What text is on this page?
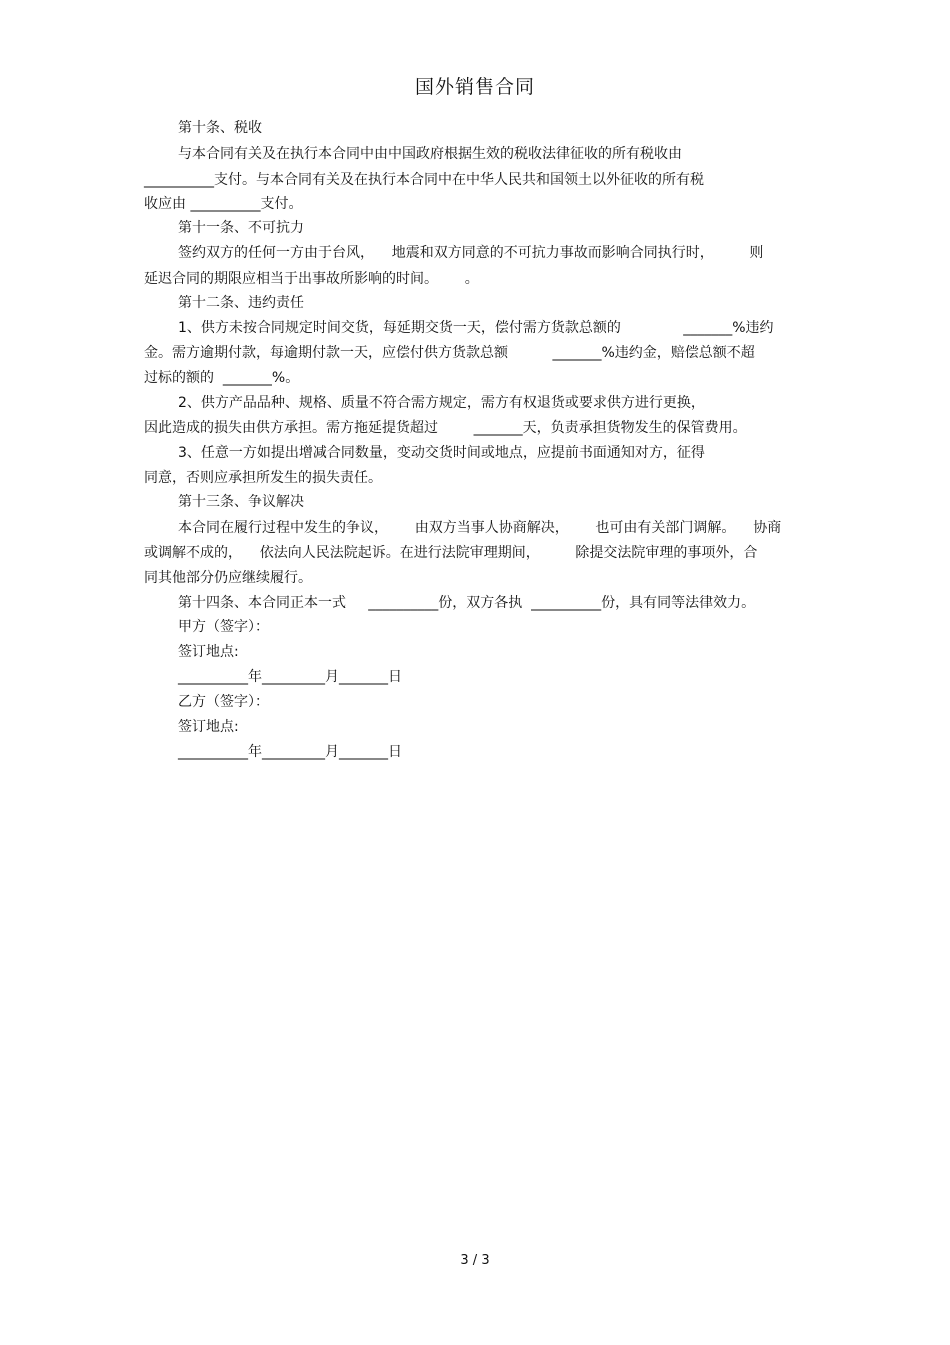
国外销售合同
第十条、税收
与本合同有关及在执行本合同中由中国政府根据生效的税收法律征收的所有税收由
__________支付。与本合同有关及在执行本合同中在中华人民共和国领土以外征收的所有税
收应由 __________支付。
第十一条、不可抗力
签约双方的任何一方由于台风，    地震和双方同意的不可抗力事故而影响合同执行时，        则
延迟合同的期限应相当于出事故所影响的时间。      。
第十二条、违约责任
1、供方未按合同规定时间交货，每延期交货一天，偿付需方货款总额的              _______%违约
金。需方逾期付款，每逾期付款一天，应偿付供方货款总额          _______%违约金，赔偿总额不超
过标的额的  _______%。
2、供方产品品种、规格、质量不符合需方规定，需方有权退货或要求供方进行更换，
因此造成的损失由供方承担。需方拖延提货超过        _______天，负责承担货物发生的保管费用。
3、任意一方如提出增减合同数量，变动交货时间或地点，应提前书面通知对方，征得
同意，否则应承担所发生的损失责任。
第十三条、争议解决
本合同在履行过程中发生的争议，      由双方当事人协商解决，      也可由有关部门调解。    协商
或调解不成的，    依法向人民法院起诉。在进行法院审理期间，        除提交法院审理的事项外，合
同其他部分仍应继续履行。
第十四条、本合同正本一式     __________份，双方各执  __________份，具有同等法律效力。
甲方（签字）：
签订地点:
__________年_________月_______日
乙方（签字）：
签订地点:
__________年_________月_______日
3 / 3
